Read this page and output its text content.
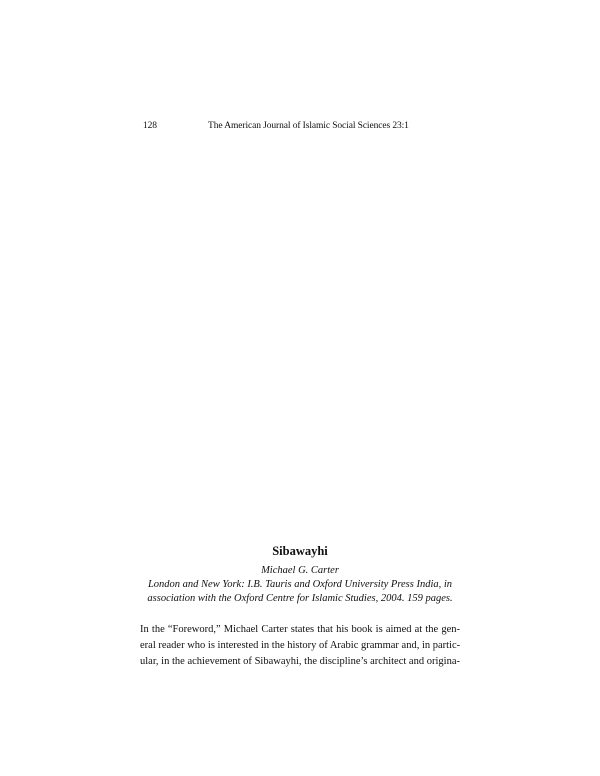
128	The American Journal of Islamic Social Sciences 23:1
Sibawayhi
Michael G. Carter
London and New York: I.B. Tauris and Oxford University Press India, in
association with the Oxford Centre for Islamic Studies, 2004. 159 pages.
In the “Foreword,” Michael Carter states that his book is aimed at the gen-
eral reader who is interested in the history of Arabic grammar and, in partic-
ular, in the achievement of Sibawayhi, the discipline’s architect and origina-
